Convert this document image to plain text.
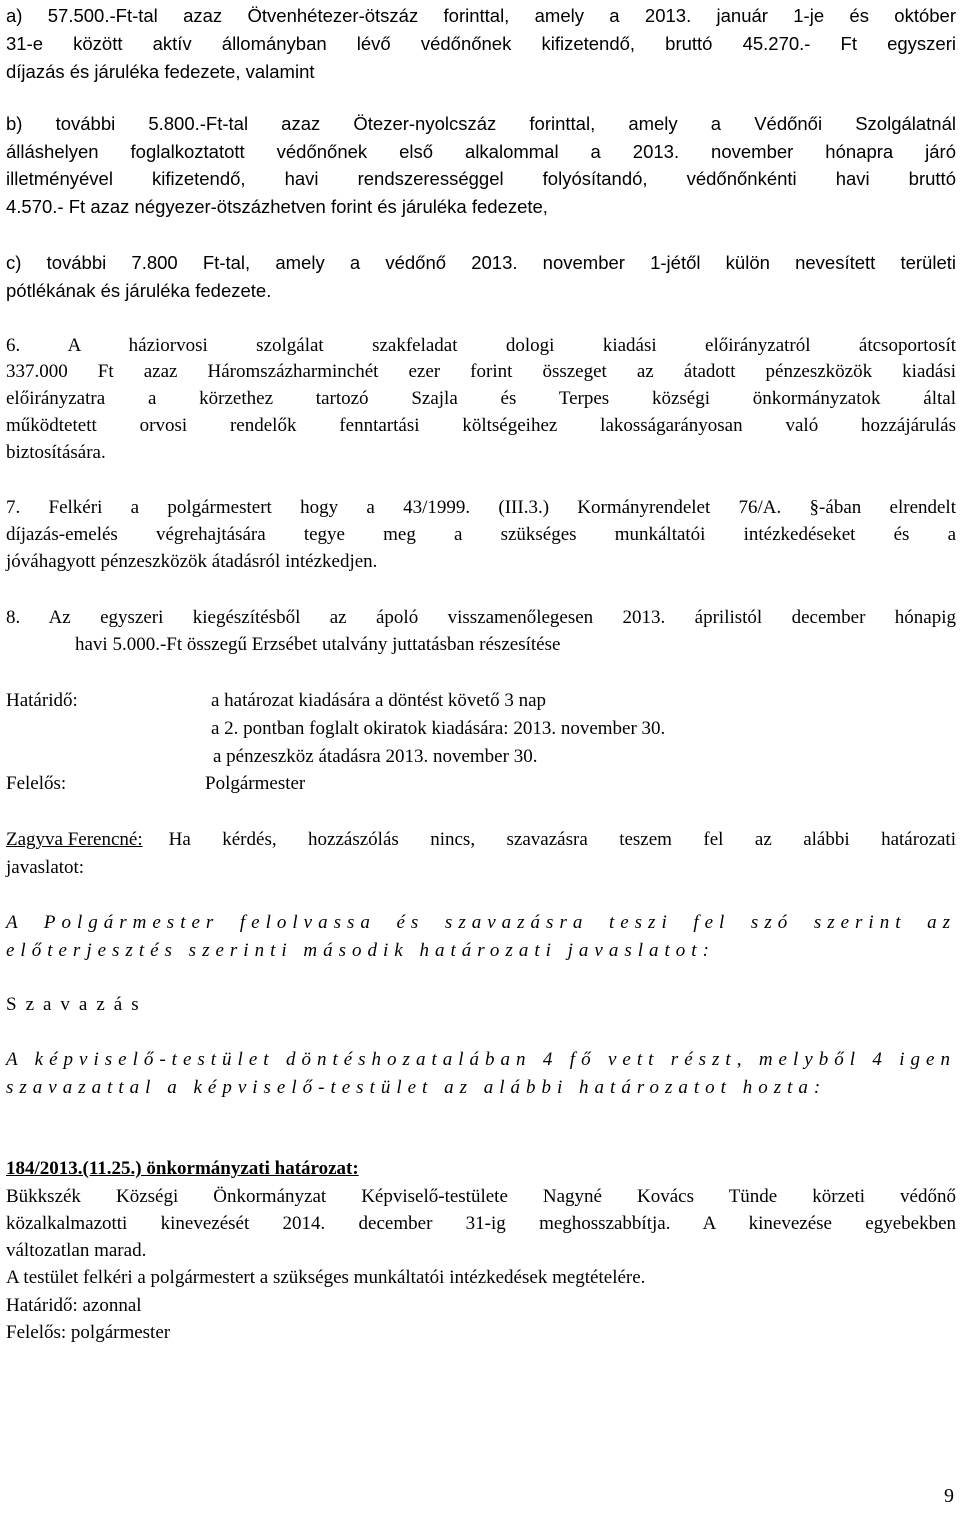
a) 57.500.-Ft-tal azaz Ötvenhétezer-ötszáz forinttal, amely a 2013. január 1-je és október
31-e között aktív állományban lévő védőnőnek kifizetendő, bruttó 45.270.- Ft egyszeri
díjazás és járuléka fedezete, valamint
b) további 5.800.-Ft-tal azaz Ötezer-nyolcszáz forinttal, amely a Védőnői Szolgálatnál
álláshelyen foglalkoztatott védőnőnek első alkalommal a 2013. november hónapra járó
illetményével kifizetendő, havi rendszerességgel folyósítandó, védőnőnkénti havi bruttó
4.570.- Ft azaz négyezer-ötszázhetven forint és járuléka fedezete,
c) további 7.800 Ft-tal, amely a védőnő 2013. november 1-jétől külön nevesített területi
pótlékának és járuléka fedezete.
6. A háziorvosi szolgálat szakfeladat dologi kiadási előirányzatról átcsoportosít
337.000 Ft azaz Háromszázharminchét ezer forint összeget az átadott pénzeszközök kiadási
előirányzatra a körzethez tartozó Szajla és Terpes községi önkormányzatok által
működtetett orvosi rendelők fenntartási költségeihez lakosságarányosan való hozzájárulás
biztosítására.
7. Felkéri a polgármestert hogy a 43/1999. (III.3.) Kormányrendelet 76/A. §-ában elrendelt
díjazás-emelés végrehajtására tegye meg a szükséges munkáltatói intézkedéseket és a
jóváhagyott pénzeszközök átadásról intézkedjen.
8. Az egyszeri kiegészítésből az ápoló visszamenőlegesen 2013. áprilistól december hónapig
havi 5.000.-Ft összegű Erzsébet utalvány juttatásban részesítése
Határidő:	a határozat kiadására a döntést követő 3 nap
a 2. pontban foglalt okiratok kiadására: 2013. november 30.
a pénzeszköz átadásra 2013. november 30.
Felelős:	Polgármester
Zagyva Ferencné: Ha kérdés, hozzászólás nincs, szavazásra teszem fel az alábbi határozati
javaslatot:
A Polgármester felolvassa és szavazásra teszi fel szó szerint az
előterjesztés szerinti második határozati javaslatot:
Szavazás
A képviselő-testület döntéshozatalában 4 fő vett részt, melyből 4 igen
szavazattal a képviselő-testület az alábbi határozatot hozta:
184/2013.(11.25.) önkormányzati határozat:
Bükkszék Községi Önkormányzat Képviselő-testülete Nagyné Kovács Tünde körzeti védőnő
közalkalmazotti kinevezését 2014. december 31-ig meghosszabbítja. A kinevezése egyebekben
változatlan marad.
A testület felkéri a polgármestert a szükséges munkáltatói intézkedések megtételére.
Határidő: azonnal
Felelős: polgármester
9
